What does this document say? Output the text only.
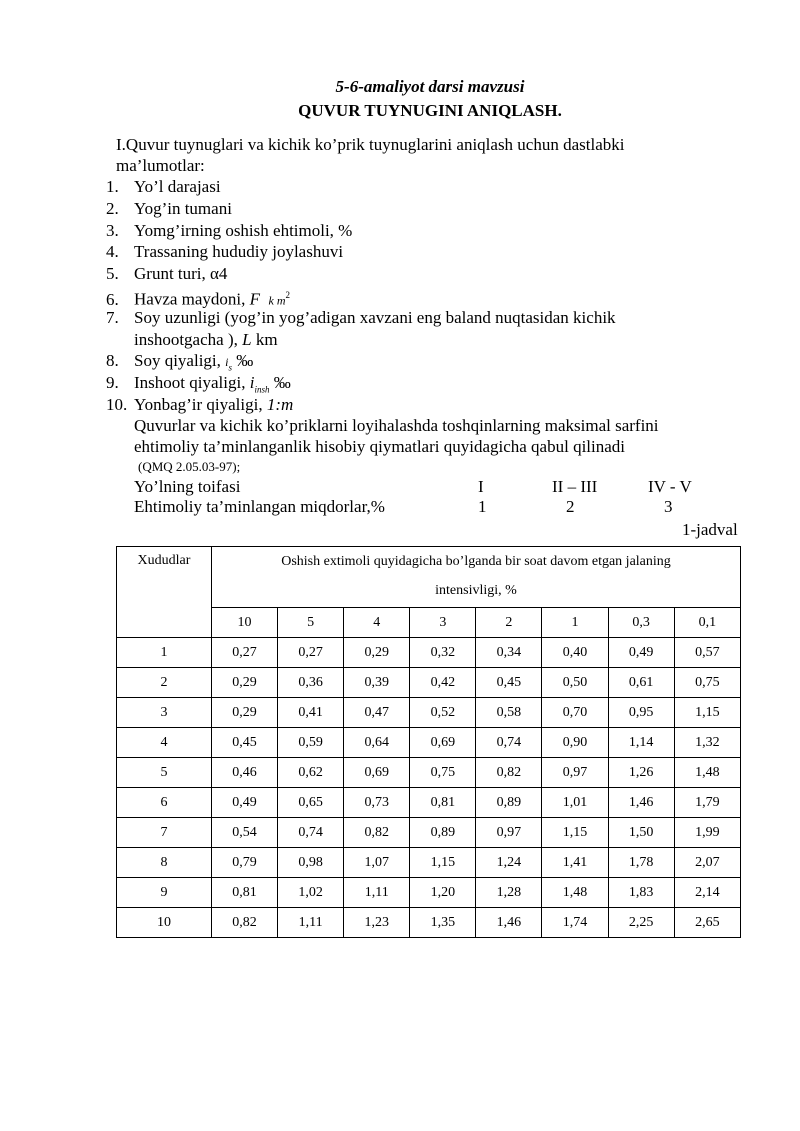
5-6-amaliyot darsi mavzusi
QUVUR TUYNUGINI ANIQLASH.
I.Quvur tuynuglari va kichik ko’prik tuynuglarini aniqlash uchun dastlabki
ma’lumotlar:
1. Yo’l darajasi
2. Yog’in tumani
3. Yomg’irning oshish ehtimoli, %
4. Trassaning hududiy joylashuvi
5. Grunt turi, α4
6. Havza maydoni, F k $m^2$
7. Soy uzunligi (yog’in yog’adigan xavzani eng baland nuqtasidan kichik
inshootgacha ), L km
8. Soy qiyaligi, $i_s$ ‰
9. Inshoot qiyaligi, $i_{insh}$ ‰
10. Yonbag’ir qiyaligi, 1:m
Quvurlar va kichik ko’priklarni loyihalashda toshqinlarning maksimal sarfini
ehtimoliy ta’minlanganlik hisobiy qiymatlari quyidagicha qabul qilinadi
(QMQ 2.05.03-97);
Yo’lning toifasi	I	II – III	IV - V
Ehtimoliy ta’minlangan miqdorlar,%	1	2	3
1-jadval
Xududlar	Oshish extimoli quyidagicha bo’lganda bir soat davom etgan jalaning
intensivligi, %							
	10	5	4	3	2	1	0,3	0,1
1	0,27	0,27	0,29	0,32	0,34	0,40	0,49	0,57
2	0,29	0,36	0,39	0,42	0,45	0,50	0,61	0,75
3	0,29	0,41	0,47	0,52	0,58	0,70	0,95	1,15
4	0,45	0,59	0,64	0,69	0,74	0,90	1,14	1,32
5	0,46	0,62	0,69	0,75	0,82	0,97	1,26	1,48
6	0,49	0,65	0,73	0,81	0,89	1,01	1,46	1,79
7	0,54	0,74	0,82	0,89	0,97	1,15	1,50	1,99
8	0,79	0,98	1,07	1,15	1,24	1,41	1,78	2,07
9	0,81	1,02	1,11	1,20	1,28	1,48	1,83	2,14
10	0,82	1,11	1,23	1,35	1,46	1,74	2,25	2,65
